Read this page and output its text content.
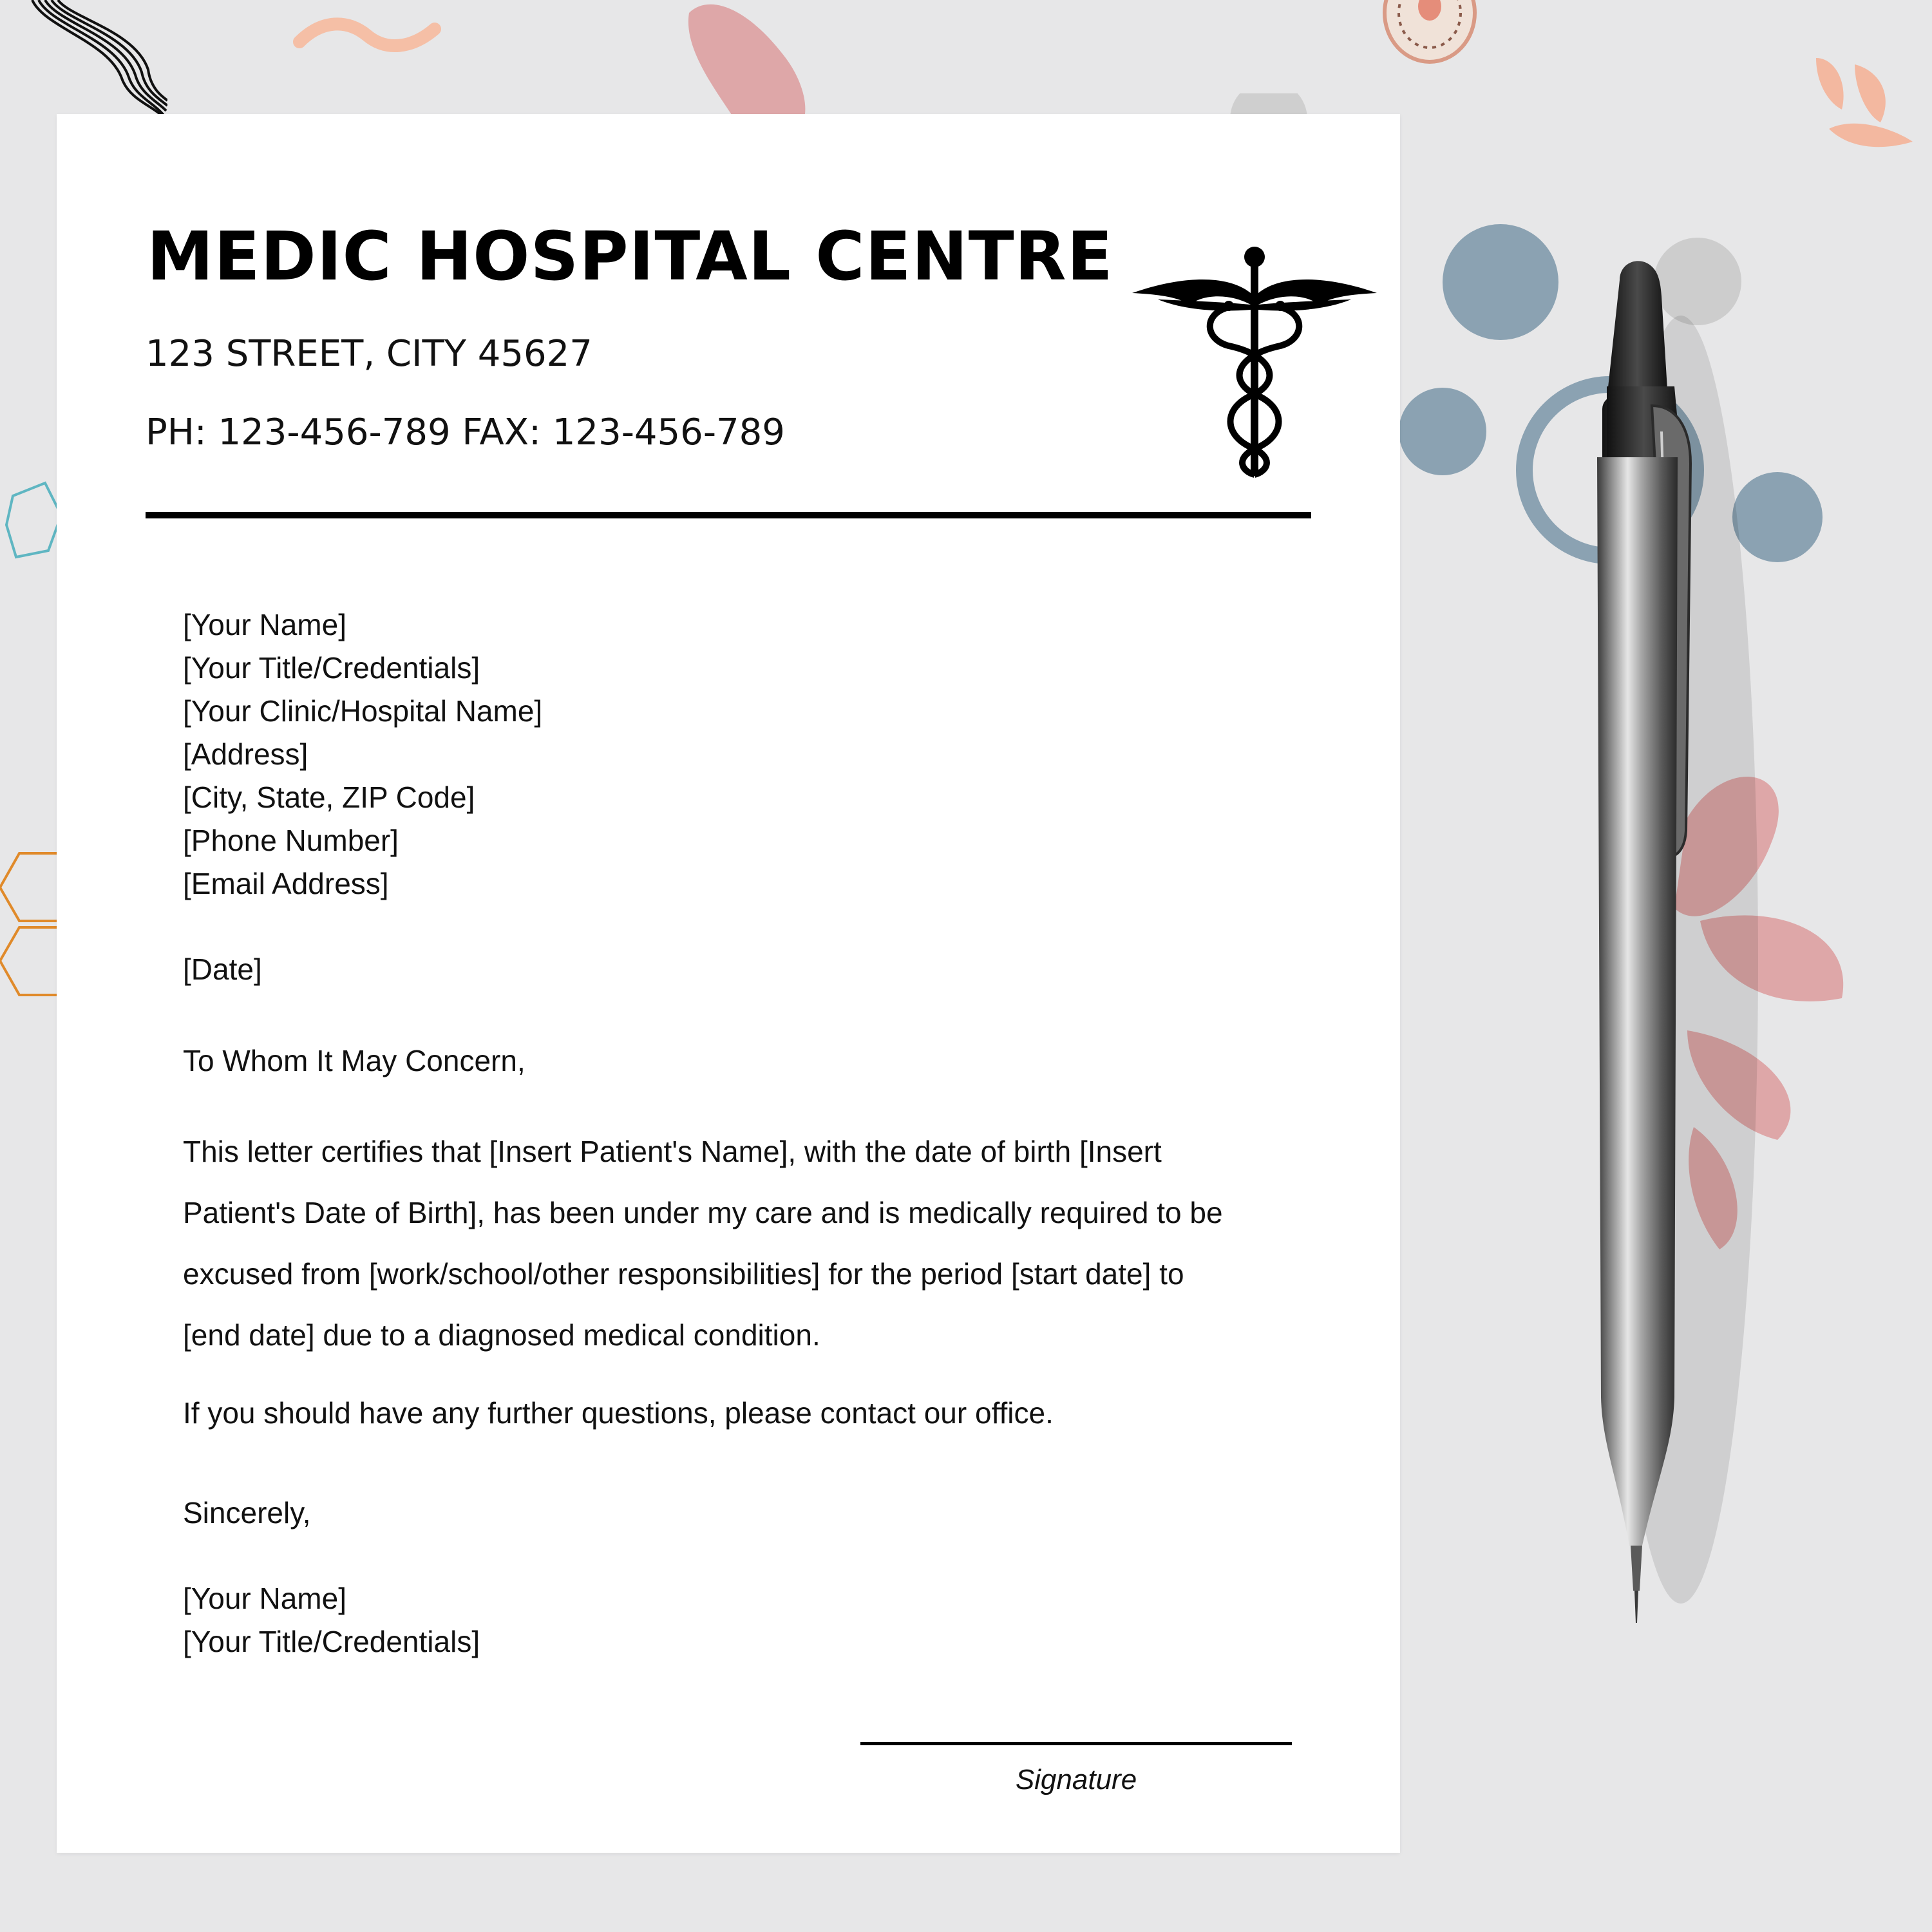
MEDIC HOSPITAL CENTRE
123 STREET, CITY 45627
PH: 123-456-789 FAX: 123-456-789
[Your Name]
[Your Title/Credentials]
[Your Clinic/Hospital Name]
[Address]
[City, State, ZIP Code]
[Phone Number]
[Email Address]
[Date]
To Whom It May Concern,
This letter certifies that [Insert Patient's Name], with the date of birth [Insert
Patient's Date of Birth], has been under my care and is medically required to be
excused from [work/school/other responsibilities] for the period [start date] to
[end date] due to a diagnosed medical condition.
If you should have any further questions, please contact our office.
Sincerely,
[Your Name]
[Your Title/Credentials]
Signature
